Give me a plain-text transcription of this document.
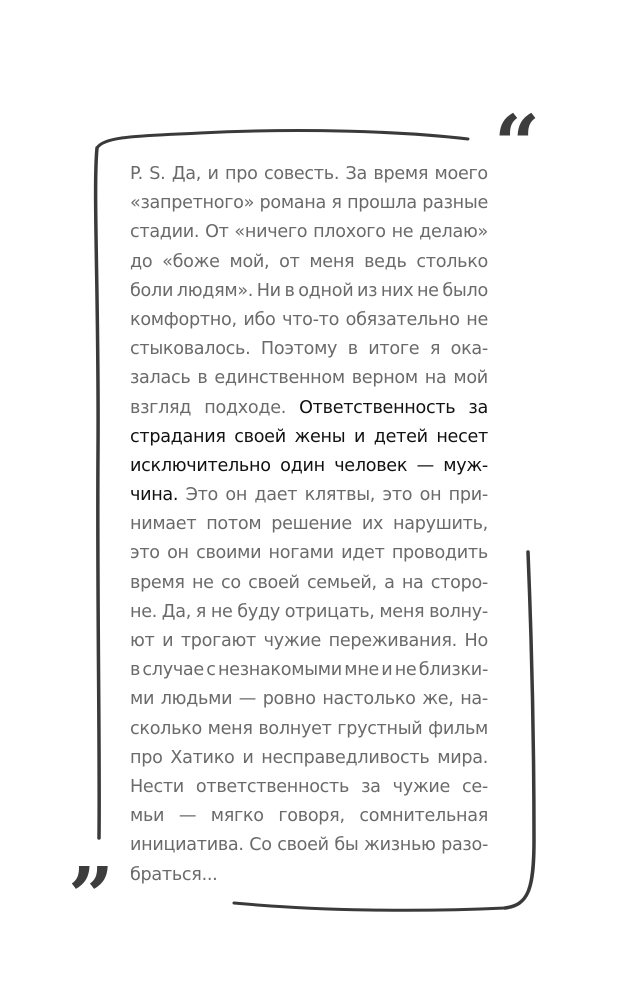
“
”
P. S. Да, и про совесть. За время моего
«запретного» романа я прошла разные
стадии. От «ничего плохого не делаю»
до «боже мой, от меня ведь столько
боли людям». Ни в одной из них не было
комфортно, ибо что-то обязательно не
стыковалось. Поэтому в итоге я ока-
залась в единственном верном на мой
взгляд подходе. Ответственность за
страдания своей жены и детей несет
исключительно один человек — муж-
чина. Это он дает клятвы, это он при-
нимает потом решение их нарушить,
это он своими ногами идет проводить
время не со своей семьей, а на сторо-
не. Да, я не буду отрицать, меня волну-
ют и трогают чужие переживания. Но
в случае с незнакомыми мне и не близки-
ми людьми — ровно настолько же, на-
сколько меня волнует грустный фильм
про Хатико и несправедливость мира.
Нести ответственность за чужие се-
мьи — мягко говоря, сомнительная
инициатива. Со своей бы жизнью разо-
браться...
